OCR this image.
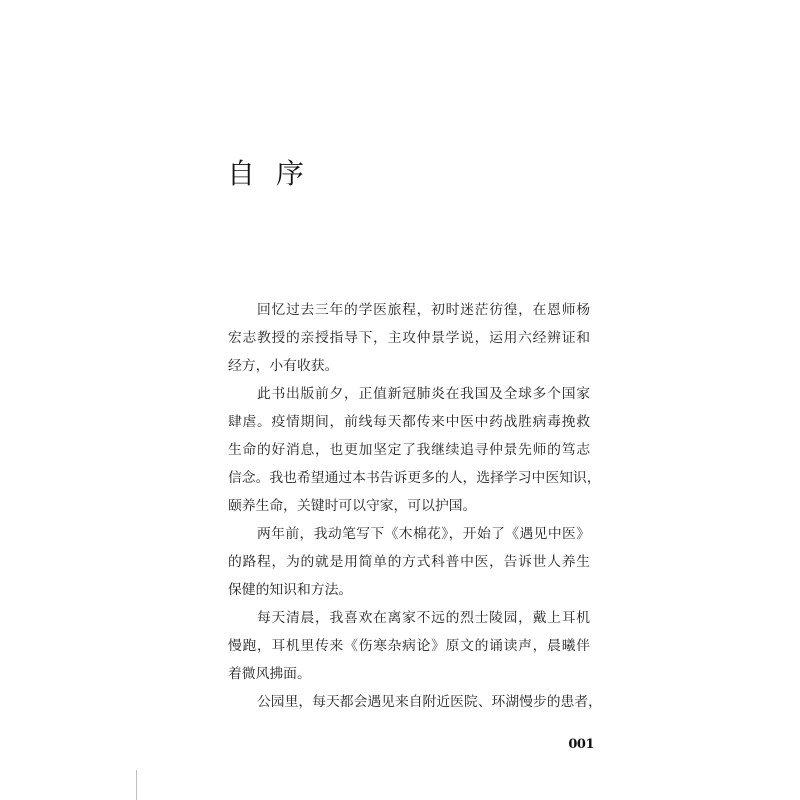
自 序
回忆过去三年的学医旅程，初时迷茫彷徨，在恩师杨
宏志教授的亲授指导下，主攻仲景学说，运用六经辨证和
经方，小有收获。
此书出版前夕，正值新冠肺炎在我国及全球多个国家
肆虐。疫情期间，前线每天都传来中医中药战胜病毒挽救
生命的好消息，也更加坚定了我继续追寻仲景先师的笃志
信念。我也希望通过本书告诉更多的人，选择学习中医知识，
颐养生命，关键时可以守家，可以护国。
两年前，我动笔写下《木棉花》，开始了《遇见中医》
的路程，为的就是用简单的方式科普中医，告诉世人养生
保健的知识和方法。
每天清晨，我喜欢在离家不远的烈士陵园，戴上耳机
慢跑，耳机里传来《伤寒杂病论》原文的诵读声，晨曦伴
着微风拂面。
公园里，每天都会遇见来自附近医院、环湖慢步的患者，
001
